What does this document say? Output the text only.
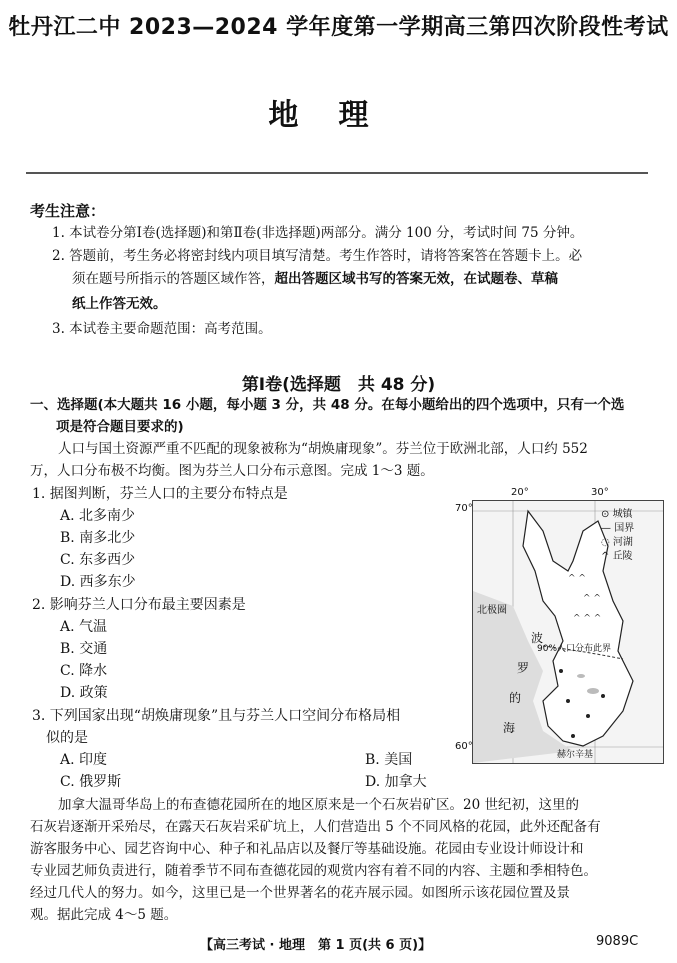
牡丹江二中 2023—2024 学年度第一学期高三第四次阶段性考试
地理
考生注意：
1. 本试卷分第Ⅰ卷(选择题)和第Ⅱ卷(非选择题)两部分。满分 100 分，考试时间 75 分钟。
2. 答题前，考生务必将密封线内项目填写清楚。考生作答时，请将答案答在答题卡上。必
须在题号所指示的答题区域作答，超出答题区域书写的答案无效，在试题卷、草稿
纸上作答无效。
3. 本试卷主要命题范围：高考范围。
第Ⅰ卷(选择题　共 48 分)
一、选择题(本大题共 16 小题，每小题 3 分，共 48 分。在每小题给出的四个选项中，只有一个选
项是符合题目要求的)
人口与国土资源严重不匹配的现象被称为“胡焕庸现象”。芬兰位于欧洲北部，人口约 552
万，人口分布极不均衡。图为芬兰人口分布示意图。完成 1～3 题。
1. 据图判断，芬兰人口的主要分布特点是
A. 北多南少
B. 南多北少
C. 东多西少
D. 西多东少
2. 影响芬兰人口分布最主要因素是
A. 气温
B. 交通
C. 降水
D. 政策
3. 下列国家出现“胡焕庸现象”且与芬兰人口空间分布格局相
似的是
A. 印度	B. 美国
C. 俄罗斯	D. 加拿大
加拿大温哥华岛上的布查德花园所在的地区原来是一个石灰岩矿区。20 世纪初，这里的
石灰岩逐渐开采殆尽，在露天石灰岩采矿坑上，人们营造出 5 个不同风格的花园，此外还配备有
游客服务中心、园艺咨询中心、种子和礼品店以及餐厅等基础设施。花园由专业设计师设计和
专业园艺师负责进行，随着季节不同布查德花园的观赏内容有着不同的内容、主题和季相特色。
经过几代人的努力。如今，这里已是一个世界著名的花卉展示园。如图所示该花园位置及景
观。据此完成 4～5 题。
^ ^
^ ^
^ ^ ^
20°	30°
70°
60°
⊙ 城镇
— 国界
◌ 河湖
^ 丘陵
北极圈
波
罗
的
海
90%人口分布此界
赫尔辛基
【高三考试 · 地理　第 1 页(共 6 页)】	9089C
